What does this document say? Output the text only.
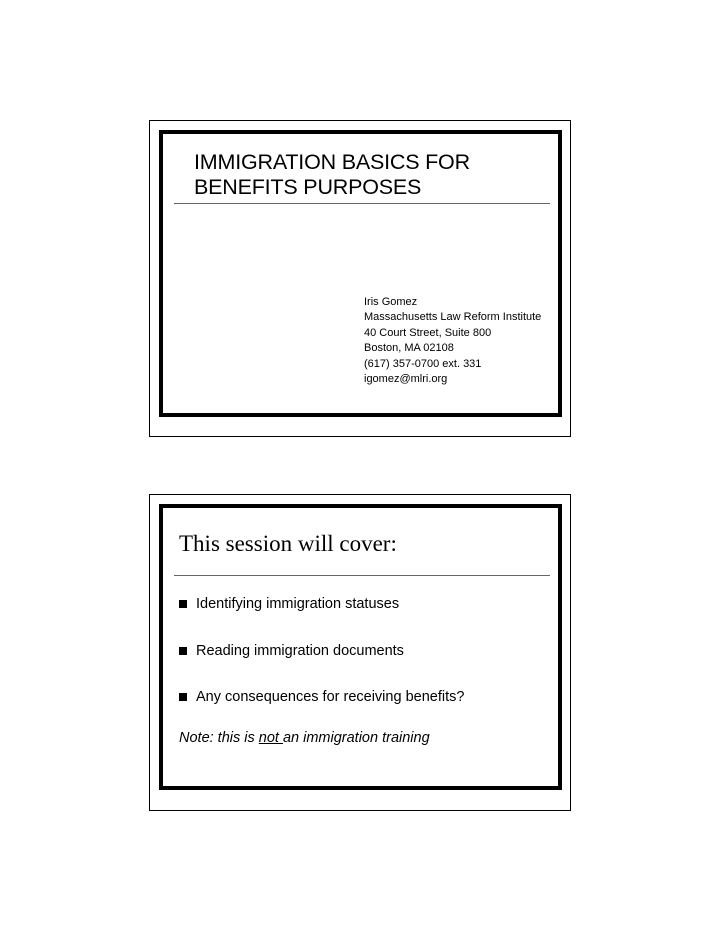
IMMIGRATION BASICS FOR
BENEFITS PURPOSES
Iris Gomez
Massachusetts Law Reform Institute
40 Court Street, Suite 800
Boston, MA 02108
(617) 357-0700 ext. 331
igomez@mlri.org
This session will cover:
Identifying immigration statuses
Reading immigration documents
Any consequences for receiving benefits?
Note: this is not an immigration training
